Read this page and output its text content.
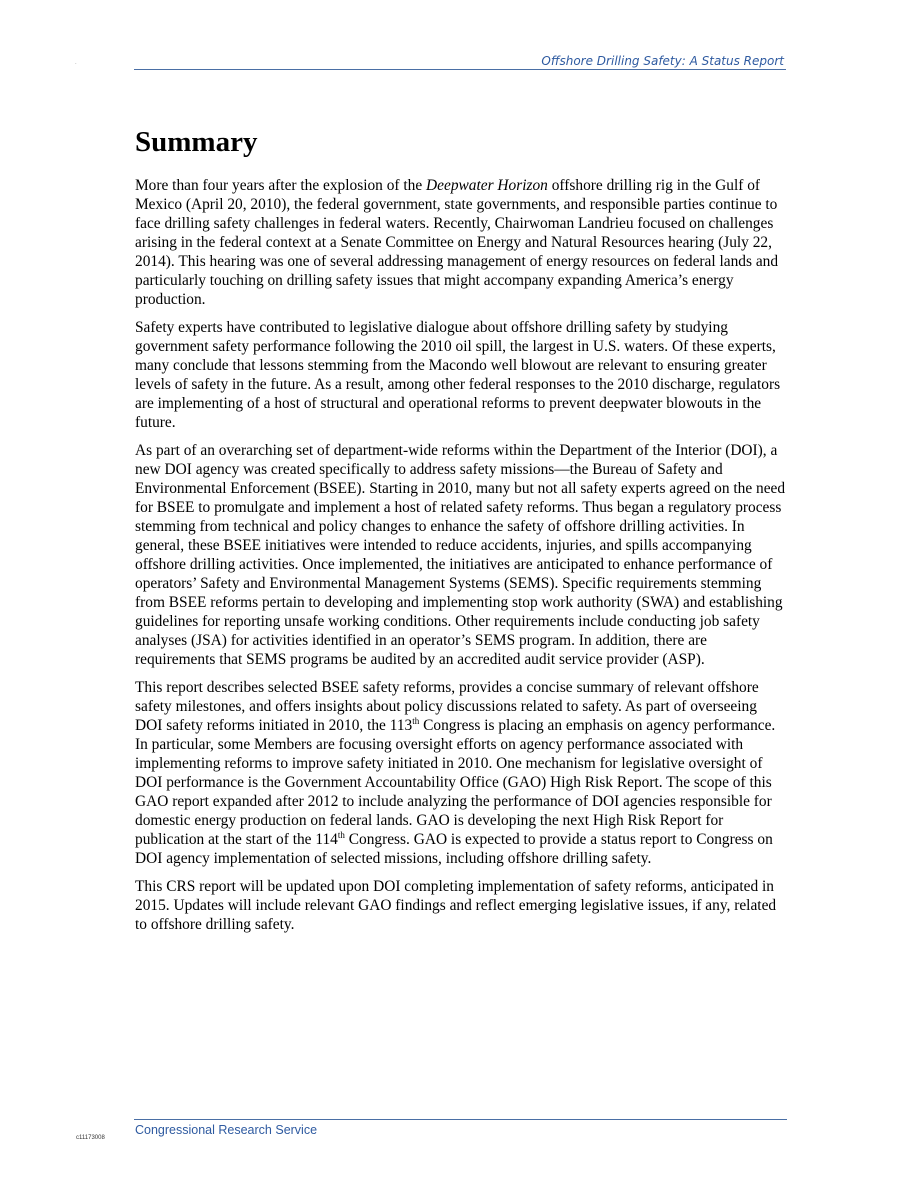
.	Offshore Drilling Safety: A Status Report
Summary

More than four years after the explosion of the Deepwater Horizon offshore drilling rig in the Gulf of Mexico (April 20, 2010), the federal government, state governments, and responsible parties continue to face drilling safety challenges in federal waters. Recently, Chairwoman Landrieu focused on challenges arising in the federal context at a Senate Committee on Energy and Natural Resources hearing (July 22, 2014). This hearing was one of several addressing management of energy resources on federal lands and particularly touching on drilling safety issues that might accompany expanding America’s energy production.

Safety experts have contributed to legislative dialogue about offshore drilling safety by studying government safety performance following the 2010 oil spill, the largest in U.S. waters. Of these experts, many conclude that lessons stemming from the Macondo well blowout are relevant to ensuring greater levels of safety in the future. As a result, among other federal responses to the 2010 discharge, regulators are implementing of a host of structural and operational reforms to prevent deepwater blowouts in the future.

As part of an overarching set of department-wide reforms within the Department of the Interior (DOI), a new DOI agency was created specifically to address safety missions—the Bureau of Safety and Environmental Enforcement (BSEE). Starting in 2010, many but not all safety experts agreed on the need for BSEE to promulgate and implement a host of related safety reforms. Thus began a regulatory process stemming from technical and policy changes to enhance the safety of offshore drilling activities. In general, these BSEE initiatives were intended to reduce accidents, injuries, and spills accompanying offshore drilling activities. Once implemented, the initiatives are anticipated to enhance performance of operators’ Safety and Environmental Management Systems (SEMS). Specific requirements stemming from BSEE reforms pertain to developing and implementing stop work authority (SWA) and establishing guidelines for reporting unsafe working conditions. Other requirements include conducting job safety analyses (JSA) for activities identified in an operator’s SEMS program. In addition, there are requirements that SEMS programs be audited by an accredited audit service provider (ASP).

This report describes selected BSEE safety reforms, provides a concise summary of relevant offshore safety milestones, and offers insights about policy discussions related to safety. As part of overseeing DOI safety reforms initiated in 2010, the 113th Congress is placing an emphasis on agency performance. In particular, some Members are focusing oversight efforts on agency performance associated with implementing reforms to improve safety initiated in 2010. One mechanism for legislative oversight of DOI performance is the Government Accountability Office (GAO) High Risk Report. The scope of this GAO report expanded after 2012 to include analyzing the performance of DOI agencies responsible for domestic energy production on federal lands. GAO is developing the next High Risk Report for publication at the start of the 114th Congress. GAO is expected to provide a status report to Congress on DOI agency implementation of selected missions, including offshore drilling safety.

This CRS report will be updated upon DOI completing implementation of safety reforms, anticipated in 2015. Updates will include relevant GAO findings and reflect emerging legislative issues, if any, related to offshore drilling safety.

Congressional Research Service
c11173008
